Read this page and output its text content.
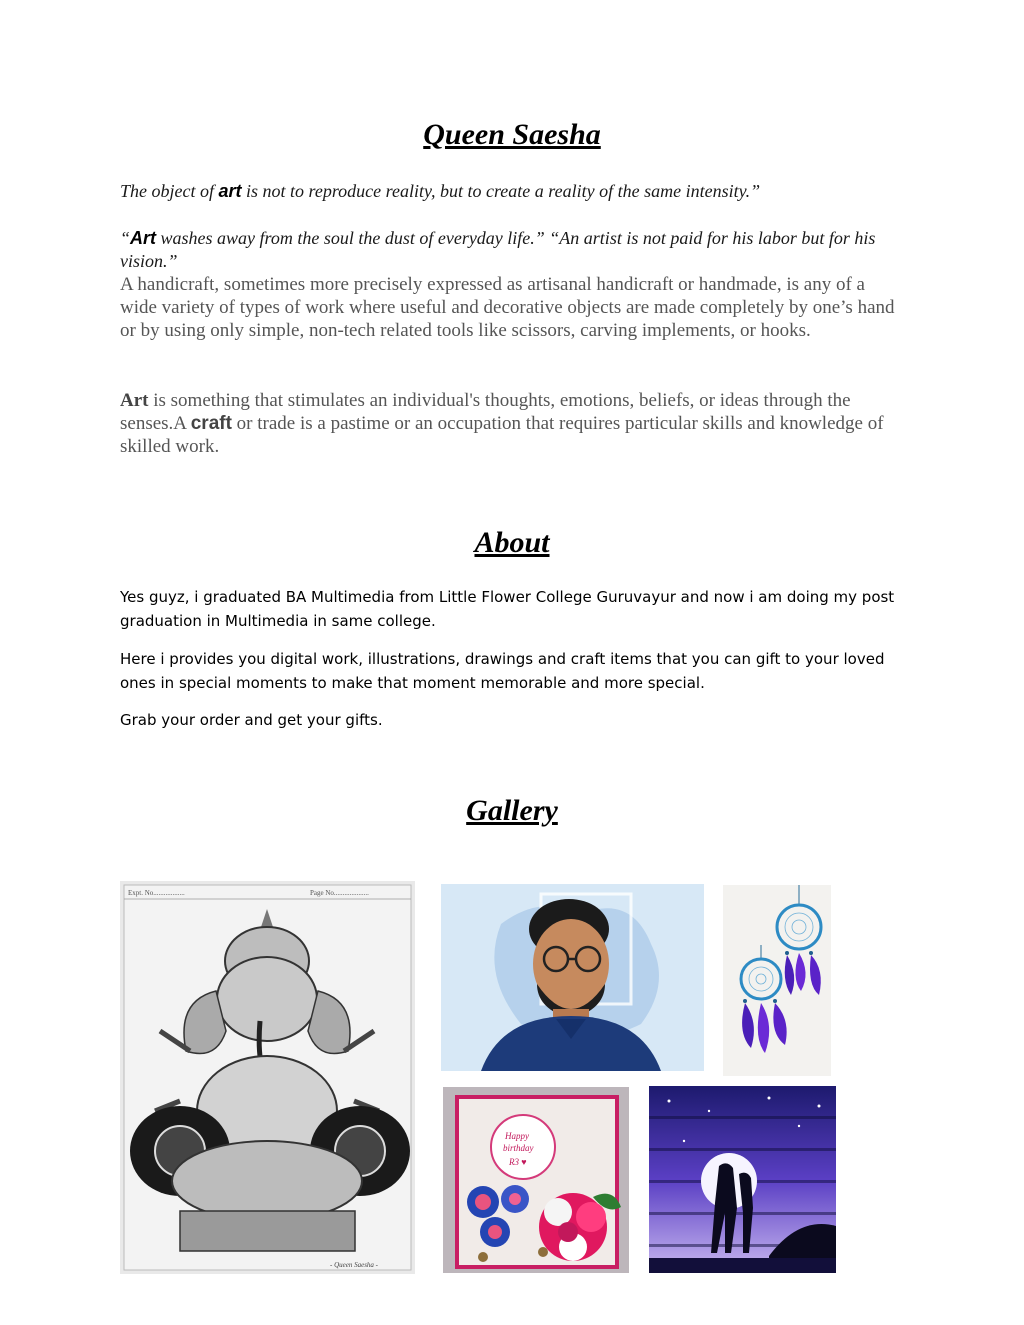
Queen Saesha

The object of art is not to reproduce reality, but to create a reality of the same intensity.”

“Art washes away from the soul the dust of everyday life.” “An artist is not paid for his labor but for his vision.”

A handicraft, sometimes more precisely expressed as artisanal handicraft or handmade, is any of a wide variety of types of work where useful and decorative objects are made completely by one’s hand or by using only simple, non-tech related tools like scissors, carving implements, or hooks.

Art is something that stimulates an individual's thoughts, emotions, beliefs, or ideas through the senses.A craft or trade is a pastime or an occupation that requires particular skills and knowledge of skilled work.

About

Yes guyz, i graduated BA Multimedia from Little Flower College Guruvayur and now i am doing my post graduation in Multimedia in same college.

Here i provides you digital work, illustrations, drawings and craft items that you can gift to your loved ones in special moments to make that moment memorable and more special.

Grab your order and get your gifts.

Gallery
Expt. No..................	Page No....................
- Queen Saesha -
Happy
birthday
R3 ♥
